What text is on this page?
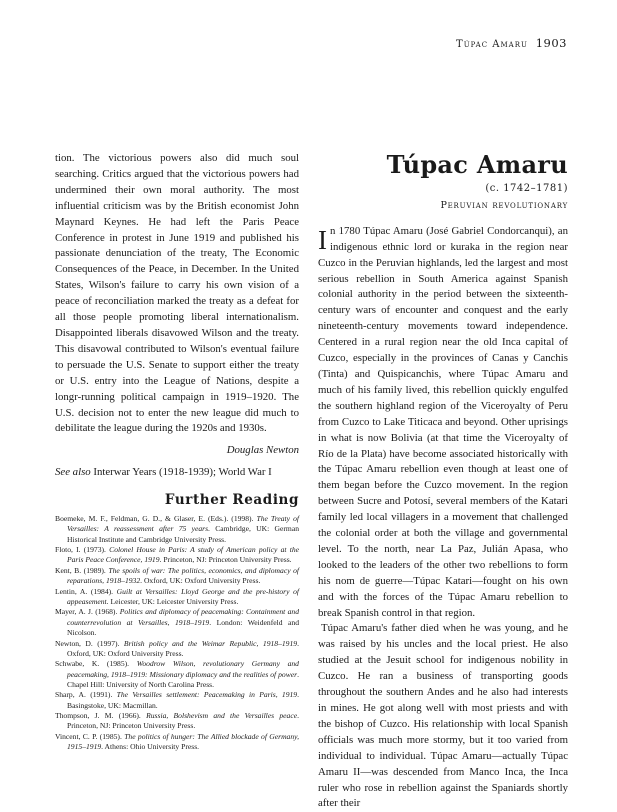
Túpac Amaru 1903

tion. The victorious powers also did much soul searching. Critics argued that the victorious powers had undermined their own moral authority. The most influential criticism was by the British economist John Maynard Keynes. He had left the Paris Peace Conference in protest in June 1919 and published his passionate denunciation of the treaty, The Economic Consequences of the Peace, in December. In the United States, Wilson's failure to carry his own vision of a peace of reconciliation marked the treaty as a defeat for all those people promoting liberal internationalism. Disappointed liberals disavowed Wilson and the treaty. This disavowal contributed to Wilson's eventual failure to persuade the U.S. Senate to support either the treaty or U.S. entry into the League of Nations, despite a longr-running political campaign in 1919–1920. The U.S. decision not to enter the new league did much to debilitate the league during the 1920s and 1930s.

Douglas Newton

See also Interwar Years (1918-1939); World War I

Further Reading
Boemeke, M. F., Feldman, G. D., & Glaser, E. (Eds.). (1998). The Treaty of Versailles: A reassessment after 75 years. Cambridge, UK: German Historical Institute and Cambridge University Press.
Floto, I. (1973). Colonel House in Paris: A study of American policy at the Paris Peace Conference, 1919. Princeton, NJ: Princeton University Press.
Kent, B. (1989). The spoils of war: The politics, economics, and diplomacy of reparations, 1918–1932. Oxford, UK: Oxford University Press.
Lentin, A. (1984). Guilt at Versailles: Lloyd George and the pre-history of appeasement. Leicester, UK: Leicester University Press.
Mayer, A. J. (1968). Politics and diplomacy of peacemaking: Containment and counterrevolution at Versailles, 1918–1919. London: Weidenfeld and Nicolson.
Newton, D. (1997). British policy and the Weimar Republic, 1918–1919. Oxford, UK: Oxford University Press.
Schwabe, K. (1985). Woodrow Wilson, revolutionary Germany and peacemaking, 1918–1919: Missionary diplomacy and the realities of power. Chapel Hill: University of North Carolina Press.
Sharp, A. (1991). The Versailles settlement: Peacemaking in Paris, 1919. Basingstoke, UK: Macmillan.
Thompson, J. M. (1966). Russia, Bolshevism and the Versailles peace. Princeton, NJ: Princeton University Press.
Vincent, C. P. (1985). The politics of hunger: The Allied blockade of Germany, 1915–1919. Athens: Ohio University Press.
Túpac Amaru
(c. 1742–1781)
Peruvian revolutionary

I n 1780 Túpac Amaru (José Gabriel Condorcanqui), an indigenous ethnic lord or kuraka in the region near Cuzco in the Peruvian highlands, led the largest and most serious rebellion in South America against Spanish colonial authority in the period between the sixteenth-century wars of encounter and conquest and the early nineteenth-century movements toward independence. Centered in a rural region near the old Inca capital of Cuzco, especially in the provinces of Canas y Canchis (Tinta) and Quispicanchis, where Túpac Amaru and much of his family lived, this rebellion quickly engulfed the southern highland region of the Viceroyalty of Peru from Cuzco to Lake Titicaca and beyond. Other uprisings in what is now Bolivia (at that time the Viceroyalty of Río de la Plata) have become associated historically with the Túpac Amaru rebellion even though at least one of them began before the Cuzco movement. In the region between Sucre and Potosí, several members of the Katari family led local villagers in a movement that challenged the colonial order at both the village and governmental level. To the north, near La Paz, Julián Apasa, who looked to the leaders of the other two rebellions to form his nom de guerre—Túpac Katari—fought on his own and with the forces of the Túpac Amaru rebellion to break Spanish control in that region.

Túpac Amaru's father died when he was young, and he was raised by his uncles and the local priest. He also studied at the Jesuit school for indigenous nobility in Cuzco. He ran a business of transporting goods throughout the southern Andes and he also had interests in mines. He got along well with most priests and with the bishop of Cuzco. His relationship with local Spanish officials was much more stormy, but it too varied from individual to individual. Túpac Amaru—actually Túpac Amaru II—was descended from Manco Inca, the Inca ruler who rose in rebellion against the Spaniards shortly after their
